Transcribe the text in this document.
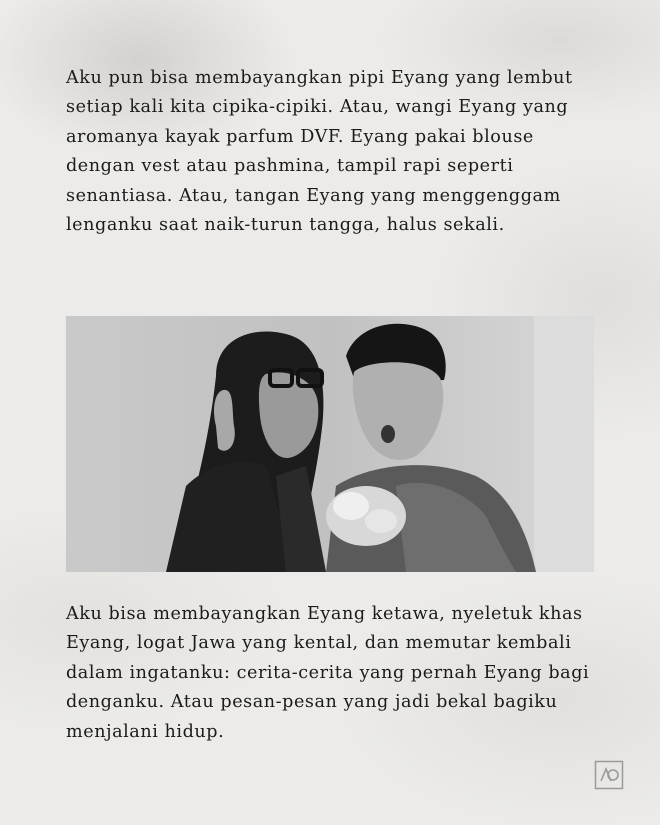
Aku pun bisa membayangkan pipi Eyang yang lembut setiap kali kita cipika-cipiki. Atau, wangi Eyang yang aromanya kayak parfum DVF. Eyang pakai blouse dengan vest atau pashmina, tampil rapi seperti senantiasa. Atau, tangan Eyang yang menggenggam lenganku saat naik-turun tangga, halus sekali.

Aku bisa membayangkan Eyang ketawa, nyeletuk khas Eyang, logat Jawa yang kental, dan memutar kembali dalam ingatanku: cerita-cerita yang pernah Eyang bagi denganku. Atau pesan-pesan yang jadi bekal bagiku menjalani hidup.
